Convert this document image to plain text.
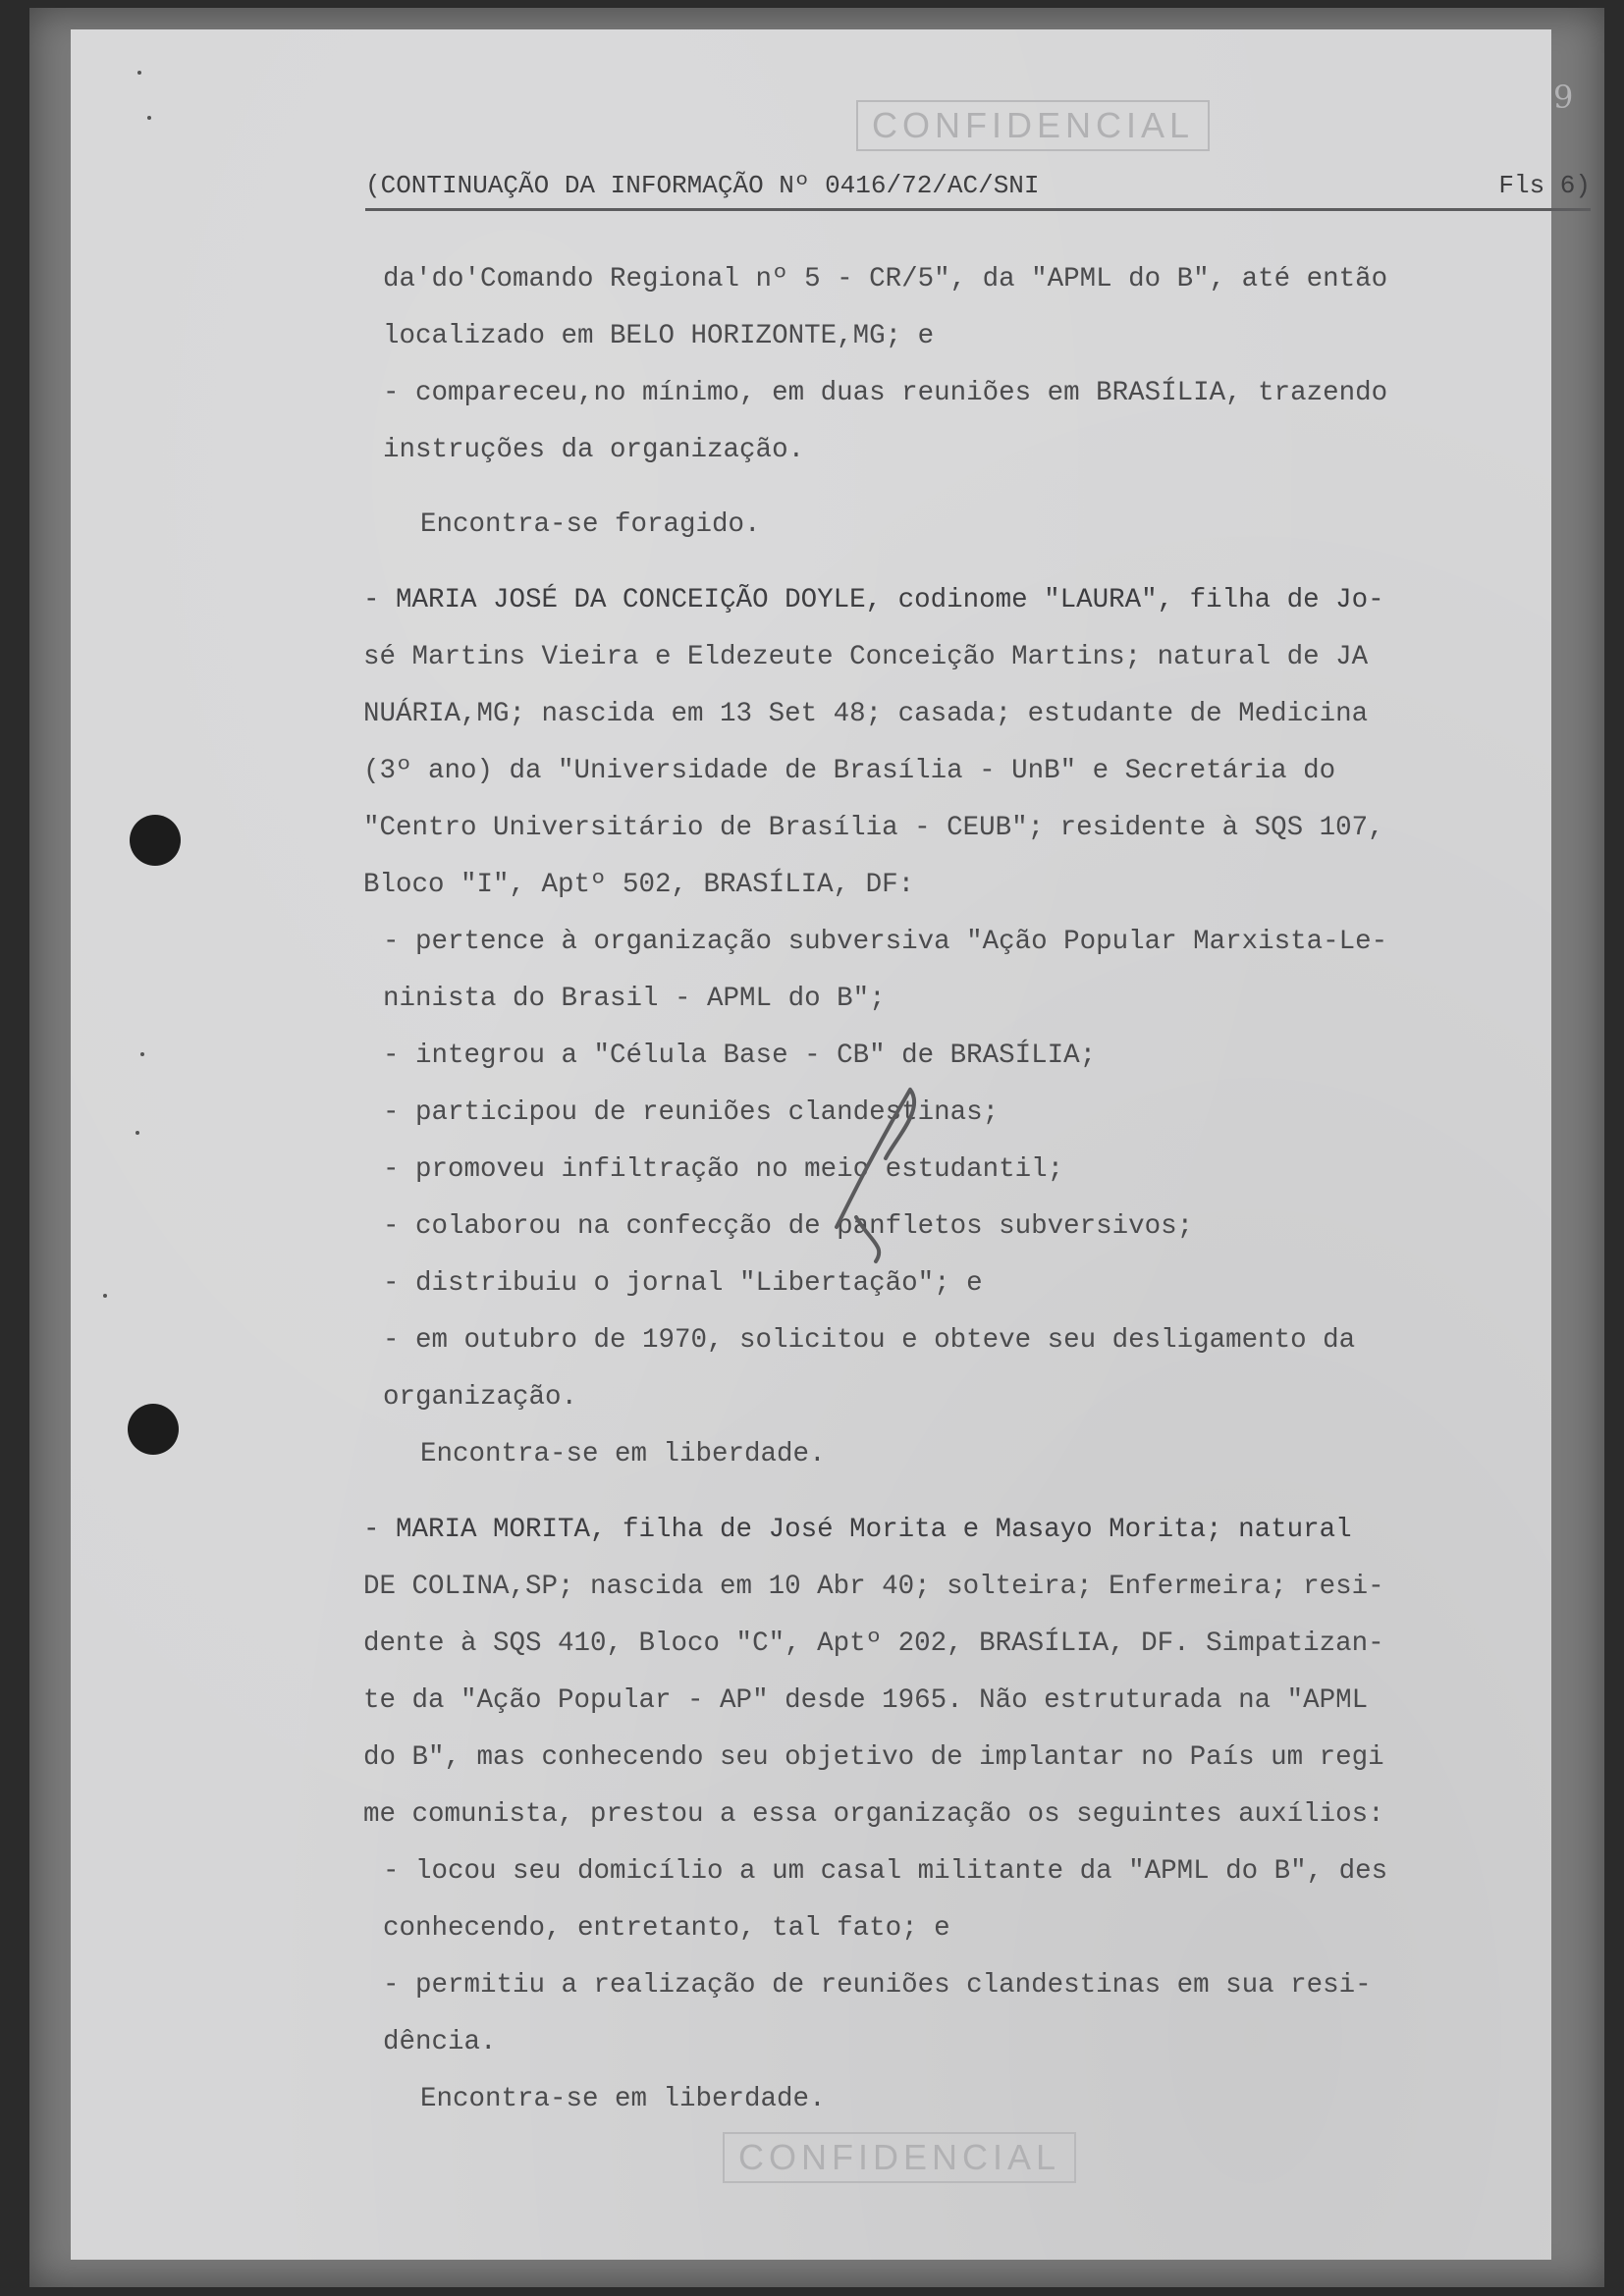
9
CONFIDENCIAL
(CONTINUAÇÃO DA INFORMAÇÃO Nº 0416/72/AC/SNI	Fls 6)
da'do'Comando Regional nº 5 - CR/5", da "APML do B", até então
localizado em BELO HORIZONTE,MG; e
- compareceu,no mínimo, em duas reuniões em BRASÍLIA, trazendo
instruções da organização.
Encontra-se foragido.
- MARIA JOSÉ DA CONCEIÇÃO DOYLE, codinome "LAURA", filha de Jo-
sé Martins Vieira e Eldezeute Conceição Martins; natural de JA
NUÁRIA,MG; nascida em 13 Set 48; casada; estudante de Medicina
(3º ano) da "Universidade de Brasília - UnB" e Secretária do
"Centro Universitário de Brasília - CEUB"; residente à SQS 107,
Bloco "I", Aptº 502, BRASÍLIA, DF:
- pertence à organização subversiva "Ação Popular Marxista-Le-
ninista do Brasil - APML do B";
- integrou a "Célula Base - CB" de BRASÍLIA;
- participou de reuniões clandestinas;
- promoveu infiltração no meio estudantil;
- colaborou na confecção de panfletos subversivos;
- distribuiu o jornal "Libertação"; e
- em outubro de 1970, solicitou e obteve seu desligamento da
organização.
Encontra-se em liberdade.
- MARIA MORITA, filha de José Morita e Masayo Morita; natural
DE COLINA,SP; nascida em 10 Abr 40; solteira; Enfermeira; resi-
dente à SQS 410, Bloco "C", Aptº 202, BRASÍLIA, DF. Simpatizan-
te da "Ação Popular - AP" desde 1965. Não estruturada na "APML
do B", mas conhecendo seu objetivo de implantar no País um regi
me comunista, prestou a essa organização os seguintes auxílios:
- locou seu domicílio a um casal militante da "APML do B", des
conhecendo, entretanto, tal fato; e
- permitiu a realização de reuniões clandestinas em sua resi-
dência.
Encontra-se em liberdade.
CONFIDENCIAL
